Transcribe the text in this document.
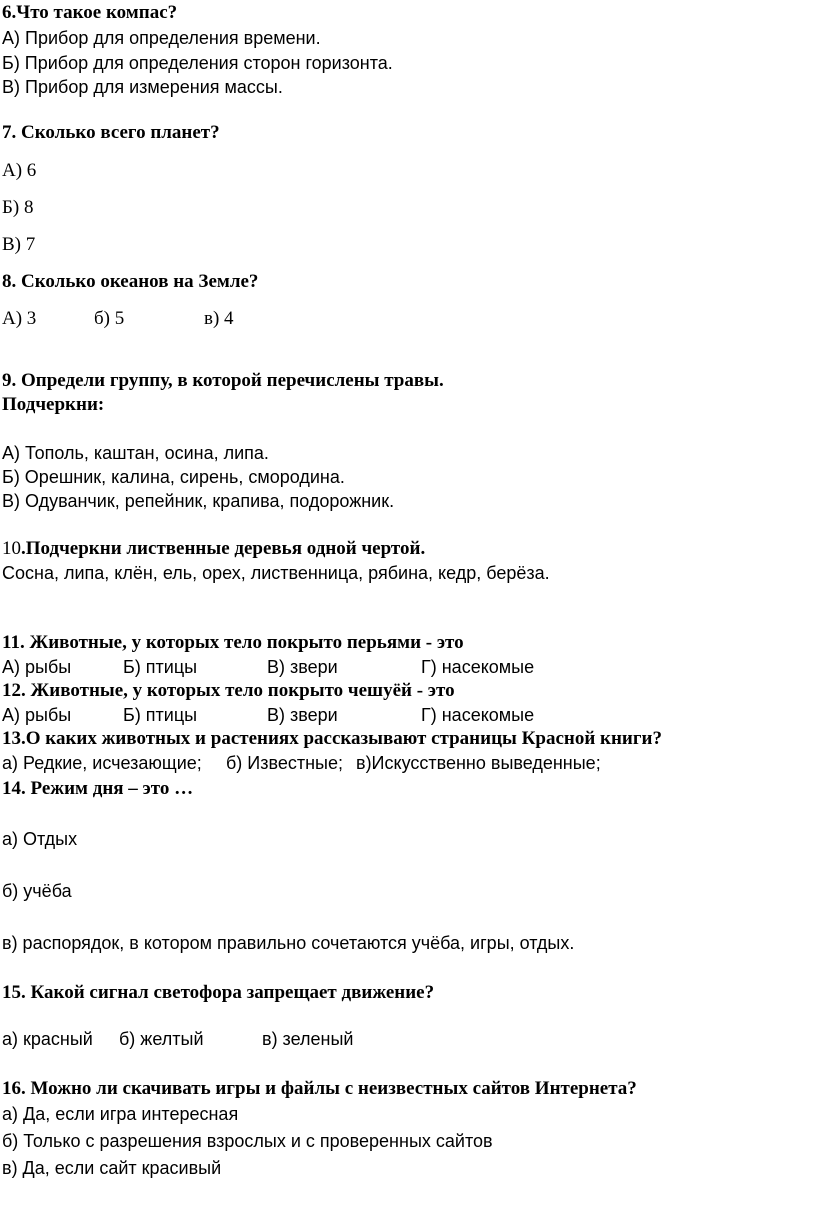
6.Что такое компас?
А) Прибор для определения времени.
Б) Прибор для определения сторон горизонта.
В) Прибор для измерения массы.
7. Сколько всего планет?
А) 6
Б) 8
В) 7
8. Сколько океанов на Земле?
А) 3	б) 5	в) 4
9. Определи группу, в которой перечислены травы.
Подчеркни:
А) Тополь, каштан, осина, липа.
Б) Орешник, калина, сирень, смородина.
В) Одуванчик, репейник, крапива, подорожник.
10.Подчеркни лиственные деревья одной чертой.
Сосна, липа, клён, ель, орех, лиственница, рябина, кедр, берёза.
11. Животные, у которых тело покрыто перьями - это
А) рыбы	Б) птицы	В) звери	Г) насекомые
12. Животные, у которых тело покрыто чешуёй - это
А) рыбы	Б) птицы	В) звери	Г) насекомые
13.О каких животных и растениях рассказывают страницы Красной книги?
а) Редкие, исчезающие; б) Известные; в)Искусственно выведенные;
14. Режим дня – это …
а) Отдых
б) учёба
в) распорядок, в котором правильно сочетаются учёба, игры, отдых.
15. Какой сигнал светофора запрещает движение?
а) красный б) желтый	в) зеленый
16. Можно ли скачивать игры и файлы с неизвестных сайтов Интернета?
а) Да, если игра интересная
б) Только с разрешения взрослых и с проверенных сайтов
в) Да, если сайт красивый
